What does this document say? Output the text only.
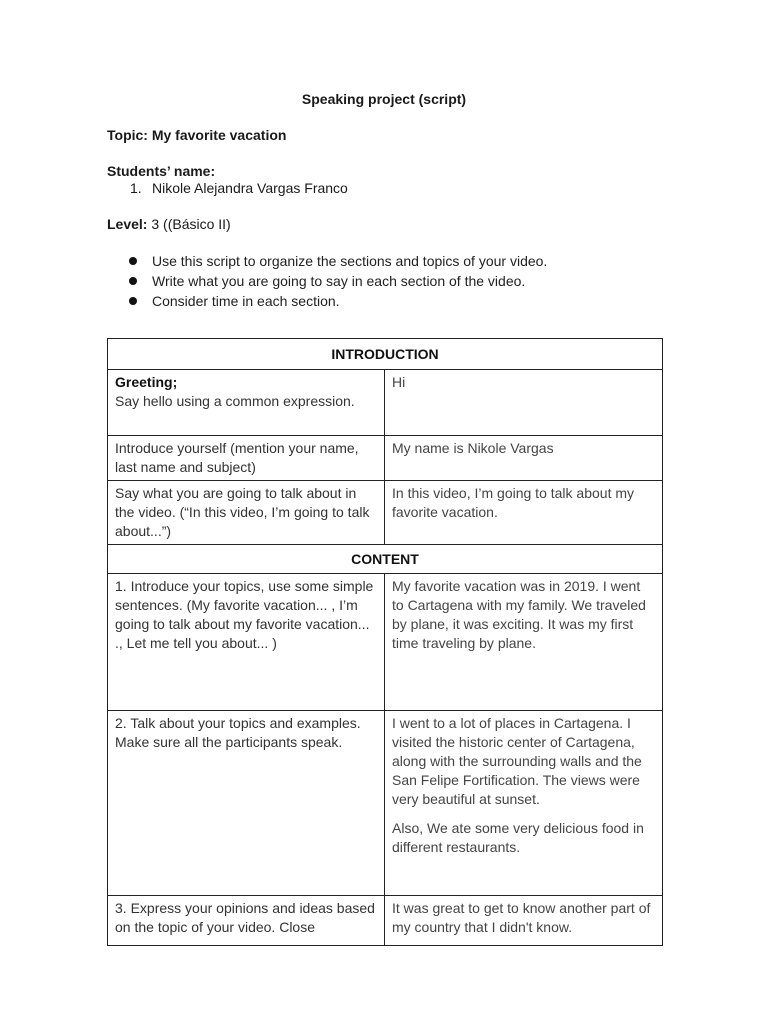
Speaking project (script)
Topic: My favorite vacation
Students’ name:
1. Nikole Alejandra Vargas Franco
Level: 3 ((Básico II)
Use this script to organize the sections and topics of your video.
Write what you are going to say in each section of the video.
Consider time in each section.
INTRODUCTION	

Greeting;
Say hello using a common expression.	Hi
Introduce yourself (mention your name, last name and subject)	My name is Nikole Vargas
Say what you are going to talk about in the video. (“In this video, I’m going to talk about...”)	In this video, I’m going to talk about my favorite vacation.
CONTENT	
1. Introduce your topics, use some simple sentences. (My favorite vacation... , I’m going to talk about my favorite vacation... ., Let me tell you about... )	My favorite vacation was in 2019. I went to Cartagena with my family. We traveled by plane, it was exciting. It was my first time traveling by plane.

2. Talk about your topics and examples. Make sure all the participants speak.	I went to a lot of places in Cartagena. I visited the historic center of Cartagena, along with the surrounding walls and the San Felipe Fortification. The views were very beautiful at sunset.

Also, We ate some very delicious food in different restaurants.

3. Express your opinions and ideas based on the topic of your video. Close	It was great to get to know another part of my country that I didn't know.
